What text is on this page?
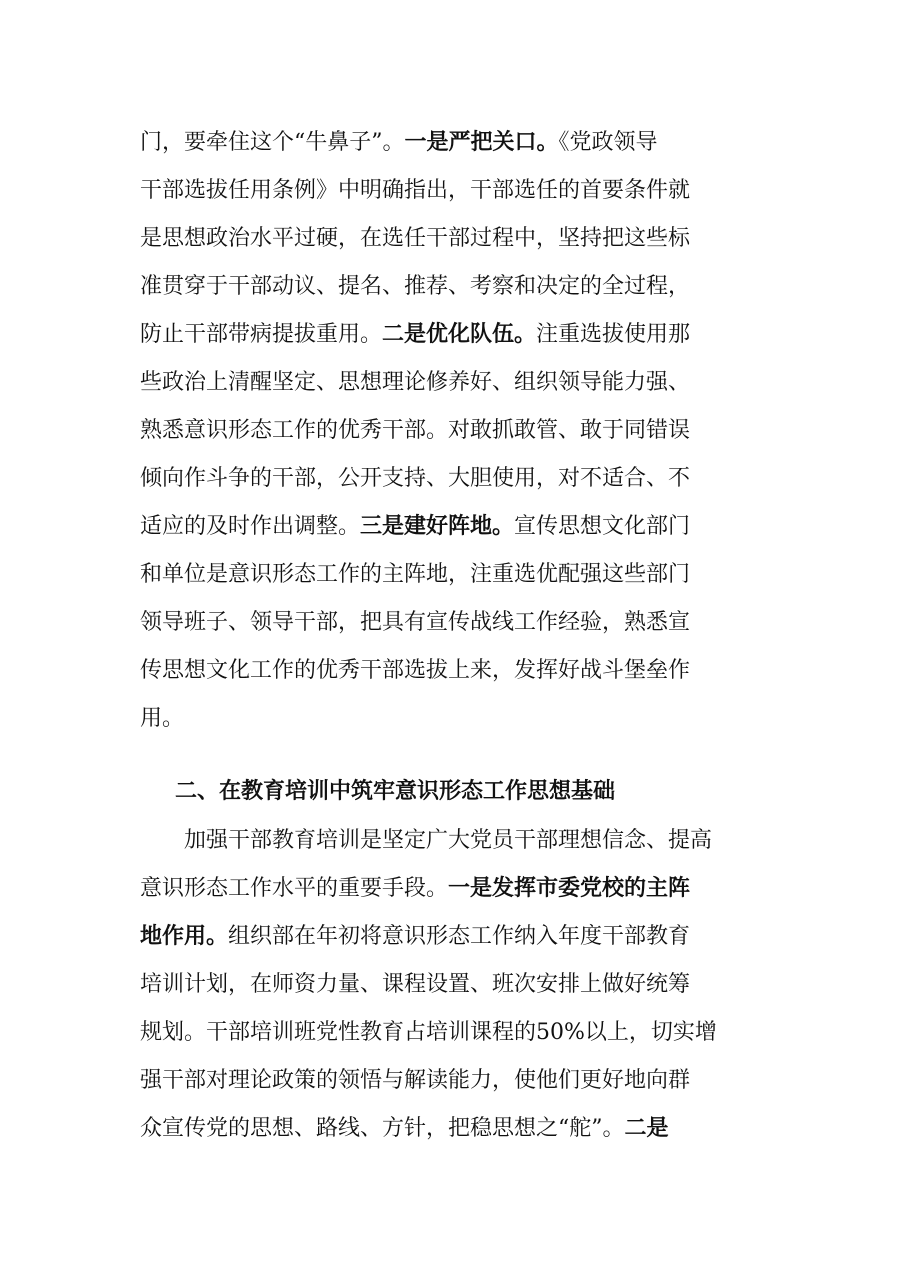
门，要牵住这个“牛鼻子”。一是严把关口。《党政领导
干部选拔任用条例》中明确指出，干部选任的首要条件就
是思想政治水平过硬，在选任干部过程中，坚持把这些标
准贯穿于干部动议、提名、推荐、考察和决定的全过程，
防止干部带病提拔重用。二是优化队伍。注重选拔使用那
些政治上清醒坚定、思想理论修养好、组织领导能力强、
熟悉意识形态工作的优秀干部。对敢抓敢管、敢于同错误
倾向作斗争的干部，公开支持、大胆使用，对不适合、不
适应的及时作出调整。三是建好阵地。宣传思想文化部门
和单位是意识形态工作的主阵地，注重选优配强这些部门
领导班子、领导干部，把具有宣传战线工作经验，熟悉宣
传思想文化工作的优秀干部选拔上来，发挥好战斗堡垒作
用。
二、在教育培训中筑牢意识形态工作思想基础
　　加强干部教育培训是坚定广大党员干部理想信念、提高
意识形态工作水平的重要手段。一是发挥市委党校的主阵
地作用。组织部在年初将意识形态工作纳入年度干部教育
培训计划，在师资力量、课程设置、班次安排上做好统筹
规划。干部培训班党性教育占培训课程的50%以上，切实增
强干部对理论政策的领悟与解读能力，使他们更好地向群
众宣传党的思想、路线、方针，把稳思想之“舵”。二是
